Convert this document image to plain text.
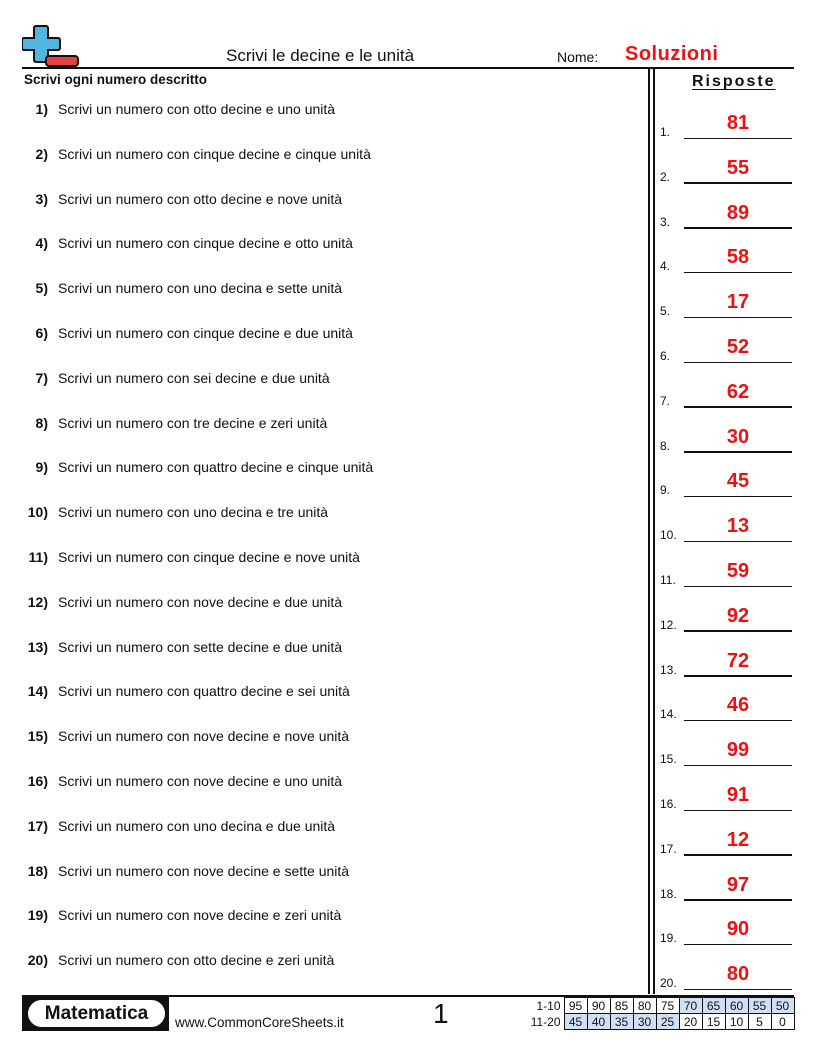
Scrivi le decine e le unità	Nome: Soluzioni
Scrivi ogni numero descritto	Risposte
1) Scrivi un numero con otto decine e uno unità
2) Scrivi un numero con cinque decine e cinque unità
3) Scrivi un numero con otto decine e nove unità
4) Scrivi un numero con cinque decine e otto unità
5) Scrivi un numero con uno decina e sette unità
6) Scrivi un numero con cinque decine e due unità
7) Scrivi un numero con sei decine e due unità
8) Scrivi un numero con tre decine e zeri unità
9) Scrivi un numero con quattro decine e cinque unità
10) Scrivi un numero con uno decina e tre unità
11) Scrivi un numero con cinque decine e nove unità
12) Scrivi un numero con nove decine e due unità
13) Scrivi un numero con sette decine e due unità
14) Scrivi un numero con quattro decine e sei unità
15) Scrivi un numero con nove decine e nove unità
16) Scrivi un numero con nove decine e uno unità
17) Scrivi un numero con uno decina e due unità
18) Scrivi un numero con nove decine e sette unità
19) Scrivi un numero con nove decine e zeri unità
20) Scrivi un numero con otto decine e zeri unità
1.	81
2.	55
3.	89
4.	58
5.	17
6.	52
7.	62
8.	30
9.	45
10.	13
11.	59
12.	92
13.	72
14.	46
15.	99
16.	91
17.	12
18.	97
19.	90
20.	80
Matematica	www.CommonCoreSheets.it	1	1-10	95	90	85	80	75	70	65	60	55	50
11-20	45	40	35	30	25	20	15	10	5	0
